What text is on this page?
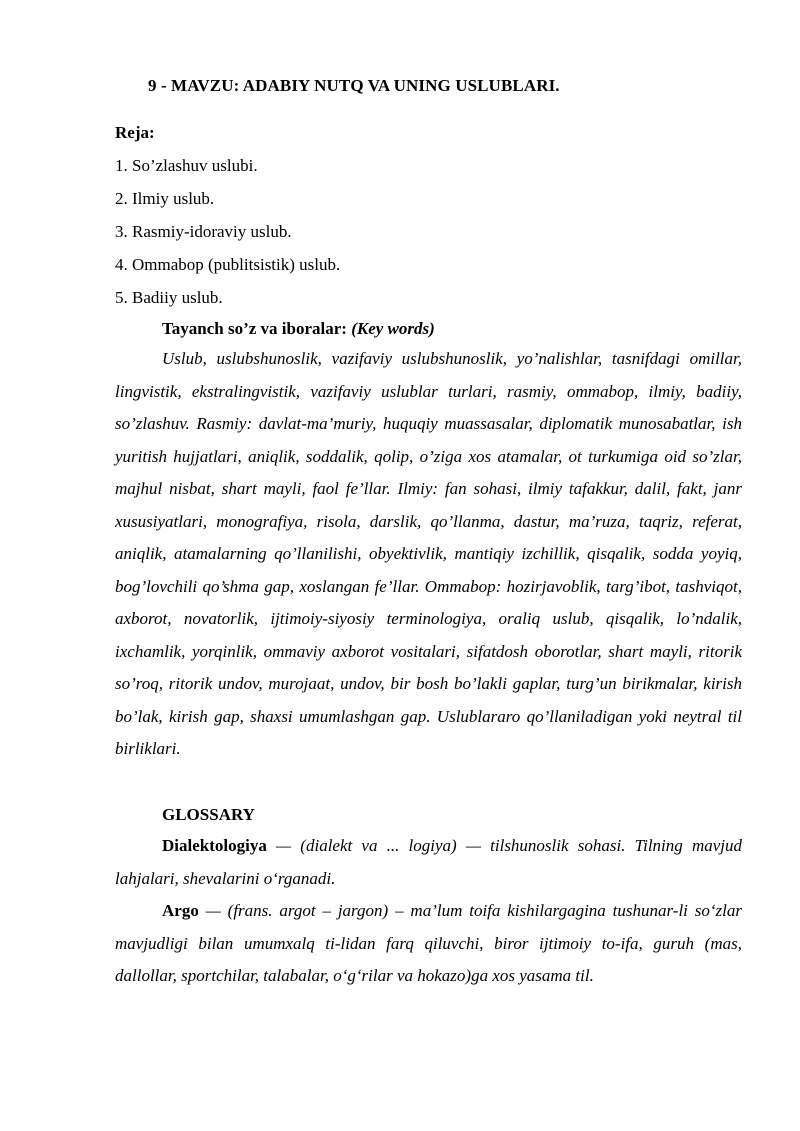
9 - MAVZU: ADABIY NUTQ VA UNING USLUBLARI.
Reja:
1. So’zlashuv uslubi.
2. Ilmiy uslub.
3. Rasmiy-idoraviy uslub.
4. Ommabop (publitsistik) uslub.
5. Badiiy uslub.
Tayanch so’z va iboralar: (Key words)
Uslub, uslubshunoslik, vazifaviy uslubshunoslik, yo’nalishlar, tasnifdagi omillar, lingvistik, ekstralingvistik, vazifaviy uslublar turlari, rasmiy, ommabop, ilmiy, badiiy, so’zlashuv. Rasmiy: davlat-ma’muriy, huquqiy muassasalar, diplomatik munosabatlar, ish yuritish hujjatlari, aniqlik, soddalik, qolip, o’ziga xos atamalar, ot turkumiga oid so’zlar, majhul nisbat, shart mayli, faol fe’llar. Ilmiy: fan sohasi, ilmiy tafakkur, dalil, fakt, janr xususiyatlari, monografiya, risola, darslik, qo’llanma, dastur, ma’ruza, taqriz, referat, aniqlik, atamalarning qo’llanilishi, obyektivlik, mantiqiy izchillik, qisqalik, sodda yoyiq, bog’lovchili qo’shma gap, xoslangan fe’llar. Ommabop: hozirjavoblik, targ’ibot, tashviqot, axborot, novatorlik, ijtimoiy-siyosiy terminologiya, oraliq uslub, qisqalik, lo’ndalik, ixchamlik, yorqinlik, ommaviy axborot vositalari, sifatdosh oborotlar, shart mayli, ritorik so’roq, ritorik undov, murojaat, undov, bir bosh bo’lakli gaplar, turg’un birikmalar, kirish bo’lak, kirish gap, shaxsi umumlashgan gap. Uslublararo qo’llaniladigan yoki neytral til birliklari.
GLOSSARY
Dialektologiya — (dialekt va ... logiya) — tilshunoslik sohasi. Tilning mavjud lahjalari, shevalarini oʻrganadi.
Argo — (frans. argot – jargon) – ma’lum toifa kishilargagina tushunar-li soʻzlar mavjudligi bilan umumxalq ti-lidan farq qiluvchi, biror ijtimoiy to-ifa, guruh (mas, dallollar, sportchilar, talabalar, oʻgʻrilar va hokazo)ga xos yasama til.
